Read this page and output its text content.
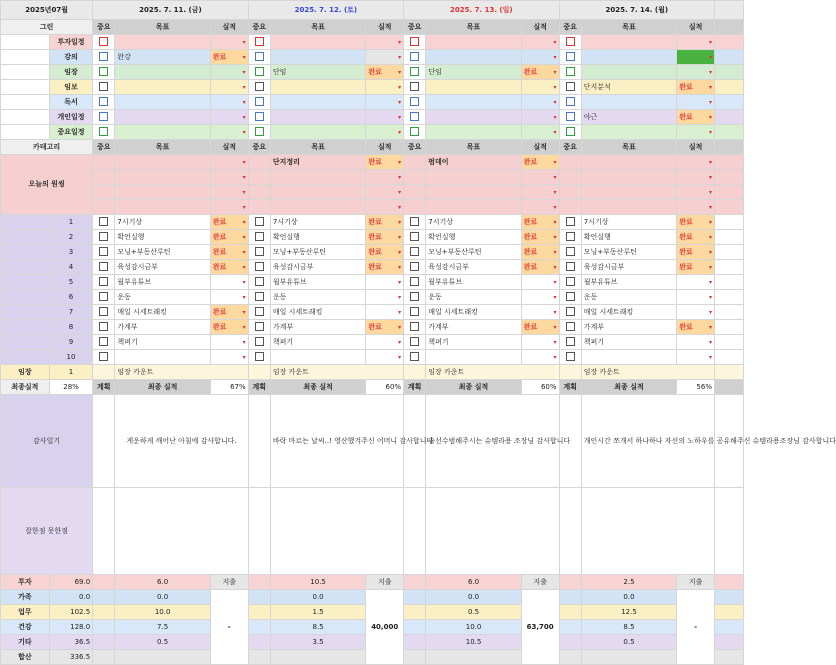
2025년07월		2025. 7. 11. (금)			2025. 7. 12. (토)			2025. 7. 13. (일)			2025. 7. 14. (월)			
그린		중요	목표	실적	중요	목표	실적	중요	목표	실적	중요	목표	실적	
	투자일정			▾			▾			▾			▾	

	강의		완강	완료 ▾			▾			▾			▾	

	임장			▾		단임	완료 ▾		단임	완료 ▾			▾	

	임보			▾			▾			▾		단지분석	완료 ▾	

	독서			▾			▾			▾			▾	

	개인일정			▾			▾			▾		야근	완료 ▾	

	중요일정			▾			▾			▾			▾	

카테고리		중요	목표	실적	중요	목표	실적	중요	목표	실적	중요	목표	실적	
오늘의 원씽				▾		단지정리	완료 ▾		펌데이	완료 ▾			▾	

				▾			▾			▾			▾	

				▾			▾			▾			▾	

				▾			▾			▾			▾	

	1		7시기상	완료 ▾		7시기상	완료 ▾		7시기상	완료 ▾		7시기상	완료 ▾	

	2		확언실행	완료 ▾		확언실행	완료 ▾		확언실행	완료 ▾		확언실행	완료 ▾	

	3		모닝+부동산루틴	완료 ▾		모닝+부동산루틴	완료 ▾		모닝+부동산루틴	완료 ▾		모닝+부동산루틴	완료 ▾	

	4		육성감시금부	완료 ▾		육성감시금부	완료 ▾		육성감시금부	완료 ▾		육성감시금부	완료 ▾	

	5		월부유튜브	▾		월부유튜브	▾		월부유튜브	▾		월부유튜브	▾	

	6		운동	▾		운동	▾		운동	▾		운동	▾	

	7		매일 시세트래킹	완료 ▾		매일 시세트래킹	▾		매일 시세트래킹	▾		매일 시세트래킹	▾	

	8		가계부	완료 ▾		가계부	완료 ▾		가계부	완료 ▾		가계부	완료 ▾	

	9		책펴기	▾		책펴기	▾		책펴기	▾		책펴기	▾	

	10			▾			▾			▾			▾	

임장	1		임장 카운트			임장 카운트			임장 카운트			임장 카운트		
최종실적	28%	계획	최종 실적	67%	계획	최종 실적	60%	계획	최종 실적	60%	계획	최종 실적	56%	
감사일기			게운하게 깨어난 아침에 감사합니다.			바락 마르는 날씨..! 영산했겨주신 어머니 감사합니다			솔선수범해주시는 슈템라용 조장님 감사합니다			개인시간 쪼개서 하나하나 자선의 노하우를 공유해주신 슈템라용조장님 감사합니다		
잘한점 못한점														
투자	69.0		6.0	지출		10.5	지출		6.0	지출		2.5	지출	
가족	0.0		0.0	-		0.0	40,000		0.0	63,700		0.0	-	
업무	102.5		10.0			1.5			0.5			12.5		
건강	128.0		7.5			8.5			10.0			8.5		
기타	36.5		0.5			3.5			10.5			0.5		
합산	336.5													
